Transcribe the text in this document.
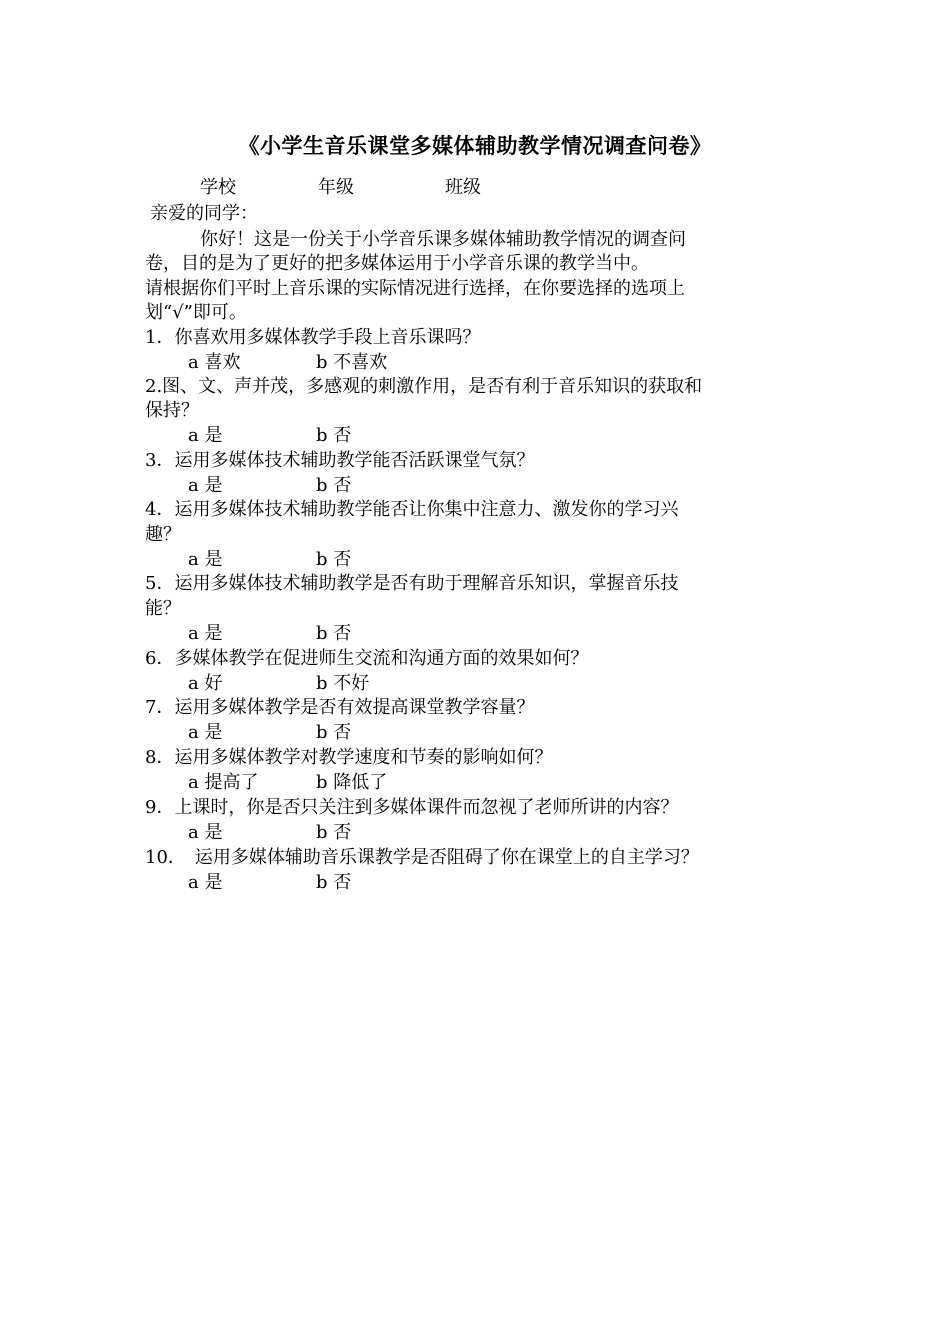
《小学生音乐课堂多媒体辅助教学情况调查问卷》
学校	年级	班级
亲爱的同学：
你好！这是一份关于小学音乐课多媒体辅助教学情况的调查问
卷，目的是为了更好的把多媒体运用于小学音乐课的教学当中。
请根据你们平时上音乐课的实际情况进行选择，在你要选择的选项上
划“√”即可。
1．你喜欢用多媒体教学手段上音乐课吗？
a 喜欢	b 不喜欢
2.图、文、声并茂，多感观的刺激作用，是否有利于音乐知识的获取和
保持？
a 是	b 否
3．运用多媒体技术辅助教学能否活跃课堂气氛？
a 是	b 否
4．运用多媒体技术辅助教学能否让你集中注意力、激发你的学习兴
趣？
a 是	b 否
5．运用多媒体技术辅助教学是否有助于理解音乐知识，掌握音乐技
能？
a 是	b 否
6．多媒体教学在促进师生交流和沟通方面的效果如何？
a 好	b 不好
7．运用多媒体教学是否有效提高课堂教学容量？
a 是	b 否
8．运用多媒体教学对教学速度和节奏的影响如何？
a 提高了	b 降低了
9．上课时，你是否只关注到多媒体课件而忽视了老师所讲的内容？
a 是	b 否
10．　运用多媒体辅助音乐课教学是否阻碍了你在课堂上的自主学习？
a 是	b 否
